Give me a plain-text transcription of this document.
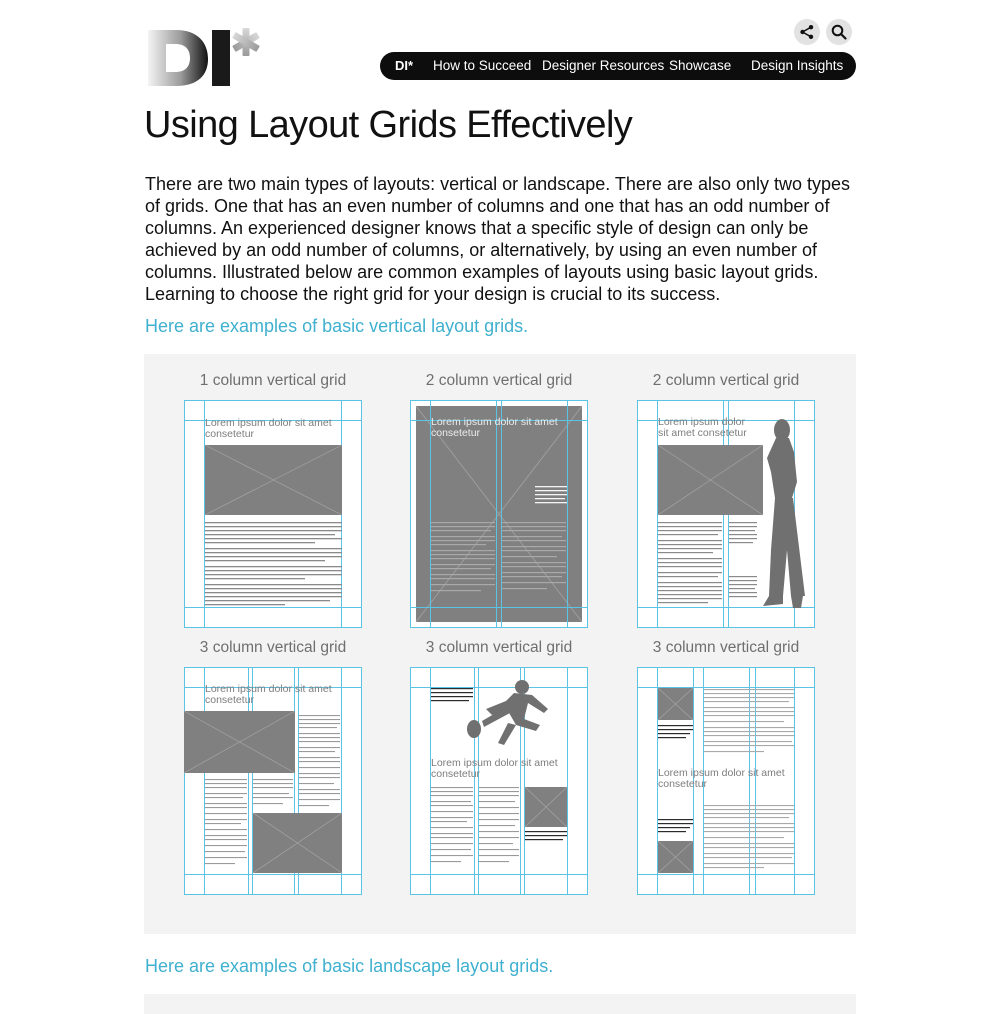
DI* How to Succeed Designer Resources Showcase Design Insights
Using Layout Grids Effectively

There are two main types of layouts: vertical or landscape. There are also only two types of grids. One that has an even number of columns and one that has an odd number of columns. An experienced designer knows that a specific style of design can only be achieved by an odd number of columns, or alternatively, by using an even number of columns. Illustrated below are common examples of layouts using basic layout grids. Learning to choose the right grid for your design is crucial to its success.

Here are examples of basic vertical layout grids.
1 column vertical grid	2 column vertical grid	2 column vertical grid
3 column vertical grid	3 column vertical grid	3 column vertical grid
Lorem ipsum dolor sit amet consetetur
Lorem ipsum dolor sit amet consetetur
Lorem ipsum dolor sit amet consetetur
Lorem ipsum dolor sit amet consetetur
Lorem ipsum dolor sit amet consetetur	Lorem ipsum dolor sit amet consetetur
Here are examples of basic landscape layout grids.
